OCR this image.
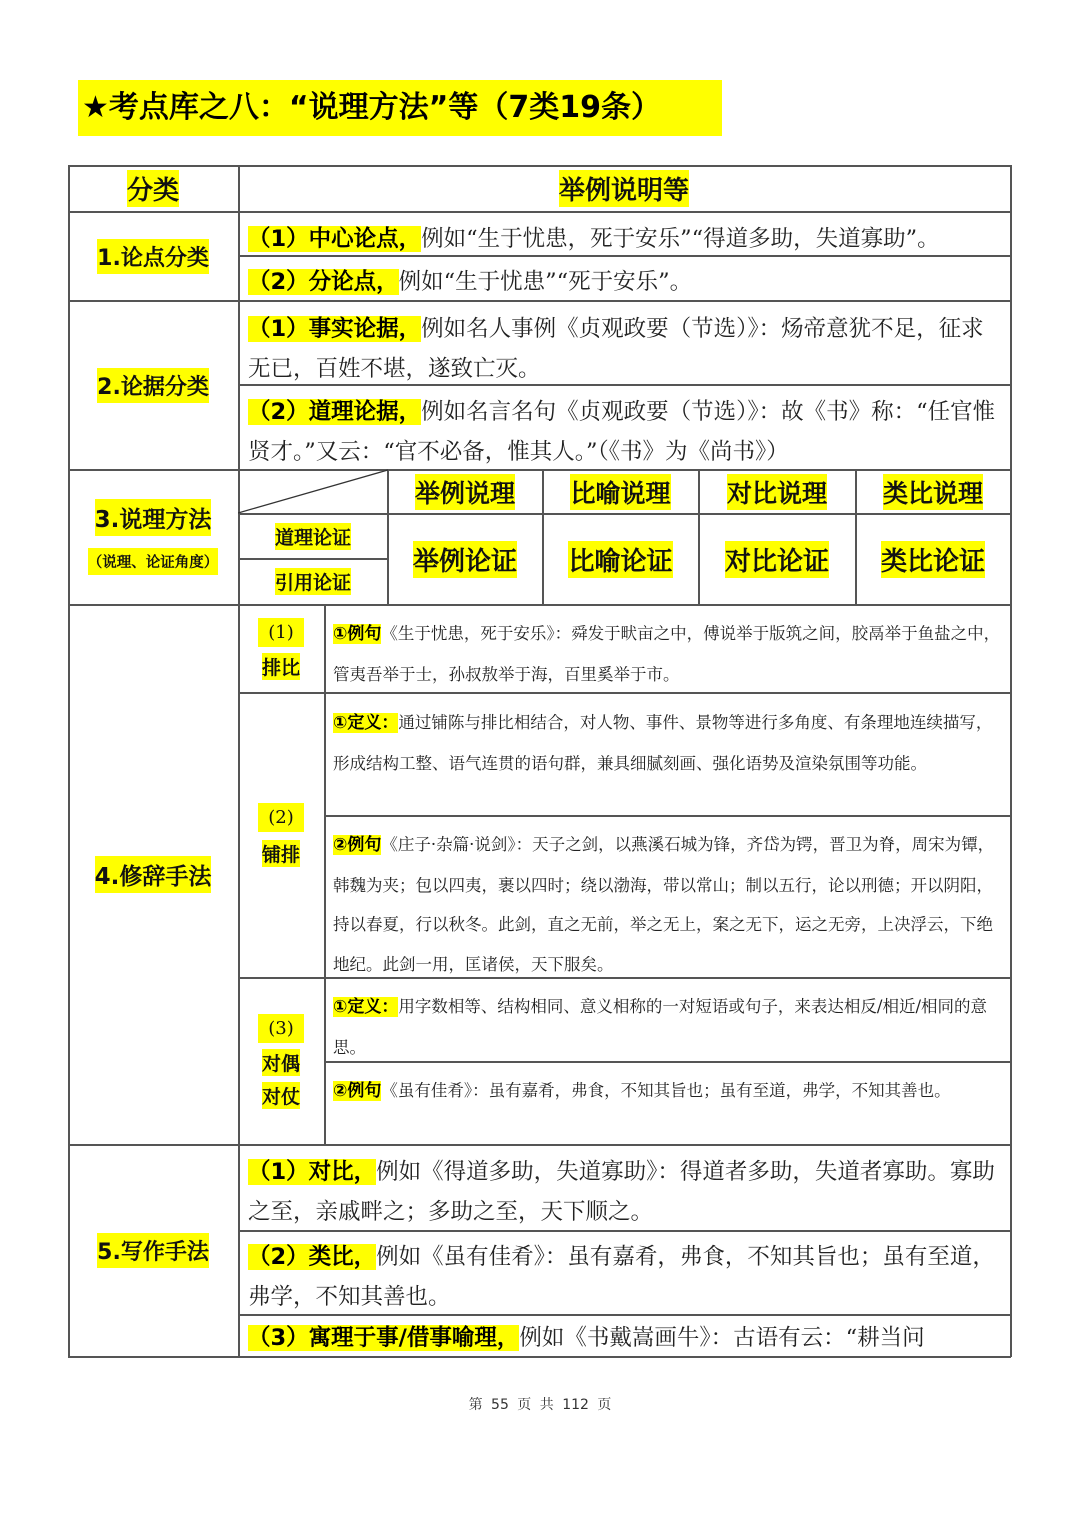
★考点库之八：“说理方法”等（7类19条）
分类	举例说明等
1.论点分类
（1）中心论点，例如“生于忧患，死于安乐”“得道多助，失道寡助”。
（2）分论点，例如“生于忧患”“死于安乐”。
2.论据分类
（1）事实论据，例如名人事例《贞观政要（节选）》：炀帝意犹不足，征求无已，百姓不堪，遂致亡灭。
（2）道理论据，例如名言名句《贞观政要（节选）》：故《书》称：“任官惟贤才。”又云：“官不必备，惟其人。”（《书》为《尚书》）
3.说理方法
（说理、论证角度）
道理论证
引用论证
举例说理 比喻说理 对比说理 类比说理
举例论证 比喻论证 对比论证 类比论证
4.修辞手法
(1)
排比
①例句《生于忧患，死于安乐》：舜发于畎亩之中，傅说举于版筑之间，胶鬲举于鱼盐之中，管夷吾举于士，孙叔敖举于海，百里奚举于市。
(2)
铺排
①定义：通过铺陈与排比相结合，对人物、事件、景物等进行多角度、有条理地连续描写，形成结构工整、语气连贯的语句群，兼具细腻刻画、强化语势及渲染氛围等功能。
②例句《庄子·杂篇·说剑》：天子之剑，以燕溪石城为锋，齐岱为锷，晋卫为脊，周宋为镡，韩魏为夹；包以四夷，裹以四时；绕以渤海，带以常山；制以五行，论以刑德；开以阴阳，持以春夏，行以秋冬。此剑，直之无前，举之无上，案之无下，运之无旁，上决浮云，下绝地纪。此剑一用，匡诸侯，天下服矣。
(3)
对偶
对仗
①定义：用字数相等、结构相同、意义相称的一对短语或句子，来表达相反/相近/相同的意思。
②例句《虽有佳肴》：虽有嘉肴，弗食，不知其旨也；虽有至道，弗学，不知其善也。
5.写作手法
（1）对比，例如《得道多助，失道寡助》：得道者多助，失道者寡助。寡助之至，亲戚畔之；多助之至，天下顺之。
（2）类比，例如《虽有佳肴》：虽有嘉肴，弗食，不知其旨也；虽有至道，弗学，不知其善也。
（3）寓理于事/借事喻理，例如《书戴嵩画牛》：古语有云：“耕当问
第 55 页 共 112 页
